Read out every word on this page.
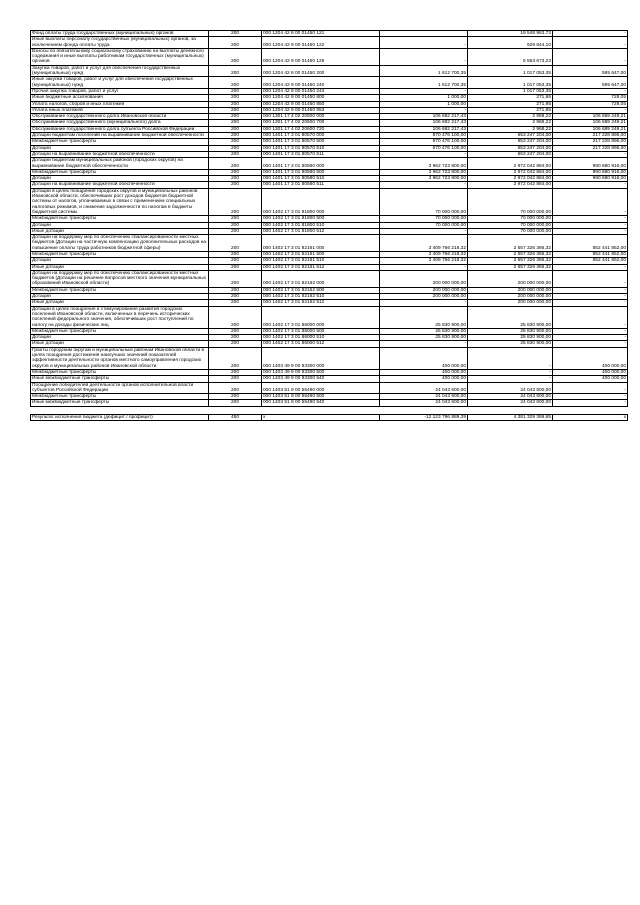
Фонд оплаты труда государственных (муниципальных) органов	200	000 1204 42 9 00 01450 121		19 548 963,72	-
Иные выплаты персоналу государственных (муниципальных) органов, за исключением фонда оплаты труда	200	000 1204 42 9 00 01450 122	-	929 844,10	-
Взносы по обязательному социальному страхованию на выплаты денежного содержания и иные выплаты работникам государственных (муниципальных) органов	200	000 1204 42 9 00 01450 129	-	5 553 673,23	-
Закупка товаров, работ и услуг для обеспечения государственных (муниципальных) нужд	200	000 1204 42 9 00 01450 200	1 612 700,35	1 017 053,35	595 647,00
Иные закупки товаров, работ и услуг для обеспечения государственных (муниципальных) нужд	200	000 1204 42 9 00 01450 240	1 612 700,35	1 017 053,35	595 647,00
Прочая закупка товаров, работ и услуг	200	000 1204 42 9 00 01450 244	-	1 017 053,35	-
Иные бюджетные ассигнования	200	000 1204 42 9 00 01450 800	1 000,00	271,95	728,05
Уплата налогов, сборов и иных платежей	200	000 1204 42 9 00 01450 850	1 000,00	271,95	728,05
Уплата иных платежей	200	000 1204 42 9 00 01450 853	-	271,95	-
Обслуживание государственного долга Ивановской области	200	000 1301 17 4 02 20600 000	106 692 217,43	2 968,22	106 689 249,21
Обслуживание государственного (муниципального) долга	200	000 1301 17 4 02 20600 700	106 692 217,43	2 968,22	106 689 249,21
Обслуживание государственного долга субъекта Российской Федерации	200	000 1301 17 4 02 20600 720	106 692 217,43	2 968,22	106 689 249,21
Дотации бюджетам поселений на выравнивание бюджетной обеспеченности	200	000 1401 17 3 01 80570 000	870 476 100,00	653 247 204,00	217 228 896,00
Межбюджетные трансферты	200	000 1401 17 3 01 80570 500	870 476 100,00	653 247 204,00	217 228 896,00
Дотации	200	000 1401 17 3 01 80570 510	870 476 100,00	653 247 204,00	217 228 896,00
Дотации на выравнивание бюджетной обеспеченности	200	000 1401 17 3 01 80570 511	-	653 247 204,00	-
Дотации бюджетам муниципальных районов (городских округов) на выравнивание бюджетной обеспеченности	200	000 1401 17 3 01 80580 000	3 962 723 800,00	2 972 042 884,00	990 680 916,00
Межбюджетные трансферты	200	000 1401 17 3 01 80580 500	3 962 723 800,00	2 972 042 884,00	990 680 916,00
Дотации	200	000 1401 17 3 01 80580 510	3 962 723 800,00	2 972 042 884,00	990 680 916,00
Дотации на выравнивание бюджетной обеспеченности	200	000 1401 17 3 01 80580 511	-	2 972 042 884,00	-
Дотации в целях поощрения городских округов и муниципальных районов Ивановской области, обеспечивших рост доходов бюджетов бюджетной системы от налогов, уплачиваемых в связи с применением специальных налоговых режимов, и снижение задолженности по налогам в бюджеты бюджетной системы	200	000 1402 17 3 01 81800 000	70 000 000,00	70 000 000,00	-
Межбюджетные трансферты	200	000 1402 17 3 01 81800 500	70 000 000,00	70 000 000,00	-
Дотации	200	000 1402 17 3 01 81800 510	70 000 000,00	70 000 000,00	-
Иные дотации	200	000 1402 17 3 01 81800 512	-	70 000 000,00	-
Дотации на поддержку мер по обеспечению сбалансированности местных бюджетов (Дотации на частичную компенсацию дополнительных расходов на повышение оплаты труда работников бюджетной сферы)	200	000 1402 17 3 01 82161 000	3 409 766 218,32	2 557 326 366,32	852 441 852,00
Межбюджетные трансферты	200	000 1402 17 3 01 82161 500	3 409 766 218,32	2 557 326 366,32	852 441 852,00
Дотации	200	000 1402 17 3 01 82161 510	3 409 766 218,32	2 557 326 366,32	852 441 852,00
Иные дотации	200	000 1402 17 3 01 82161 512	-	2 557 326 366,32	-
Дотации на поддержку мер по обеспечению сбалансированности местных бюджетов (Дотации на решение вопросов местного значения муниципальных образований Ивановской области)	200	000 1402 17 3 01 82162 000	200 000 000,00	200 000 000,00	-
Межбюджетные трансферты	200	000 1402 17 3 01 82162 500	200 000 000,00	200 000 000,00	-
Дотации	200	000 1402 17 3 01 82162 510	200 000 000,00	200 000 000,00	-
Иные дотации	200	000 1402 17 3 01 82162 512	-	200 000 000,00	-
Дотации в целях поощрения и стимулирования развития городских поселений Ивановской области, включенных в перечень исторических поселений федерального значения, обеспечивших рост поступлений по налогу на доходы физических лиц	200	000 1402 17 3 01 86000 000	25 830 900,00	25 830 900,00	-
Межбюджетные трансферты	200	000 1402 17 3 01 86000 500	25 830 900,00	25 830 900,00	-
Дотации	200	000 1402 17 3 01 86000 510	25 830 900,00	25 830 900,00	-
Иные дотации	200	000 1402 17 3 01 86000 512	-	25 830 900,00	-
Гранты городским округам и муниципальным районам Ивановской области в целях поощрения достижения наилучших значений показателей эффективности деятельности органов местного самоуправления городских округов и муниципальных районов Ивановской области	200	000 1403 49 9 00 83300 000	400 000,00	-	400 000,00
Межбюджетные трансферты	200	000 1403 49 9 00 83300 500	400 000,00	-	400 000,00
Иные межбюджетные трансферты	200	000 1403 49 9 00 83300 540	400 000,00	-	400 000,00
Поощрение победителей деятельности органов исполнительной власти субъектов Российской Федерации	200	000 1403 51 9 00 55490 000	24 043 600,00	24 043 600,00	-
Межбюджетные трансферты	200	000 1403 51 9 00 55490 500	24 043 600,00	24 043 600,00	-
Иные межбюджетные трансферты	200	000 1403 51 9 00 55490 540	24 043 600,00	24 043 600,00	-

Результат исполнения бюджета (дефицит / профицит)	450	x	-12 123 796 889,39	4 381 329 369,65	x
